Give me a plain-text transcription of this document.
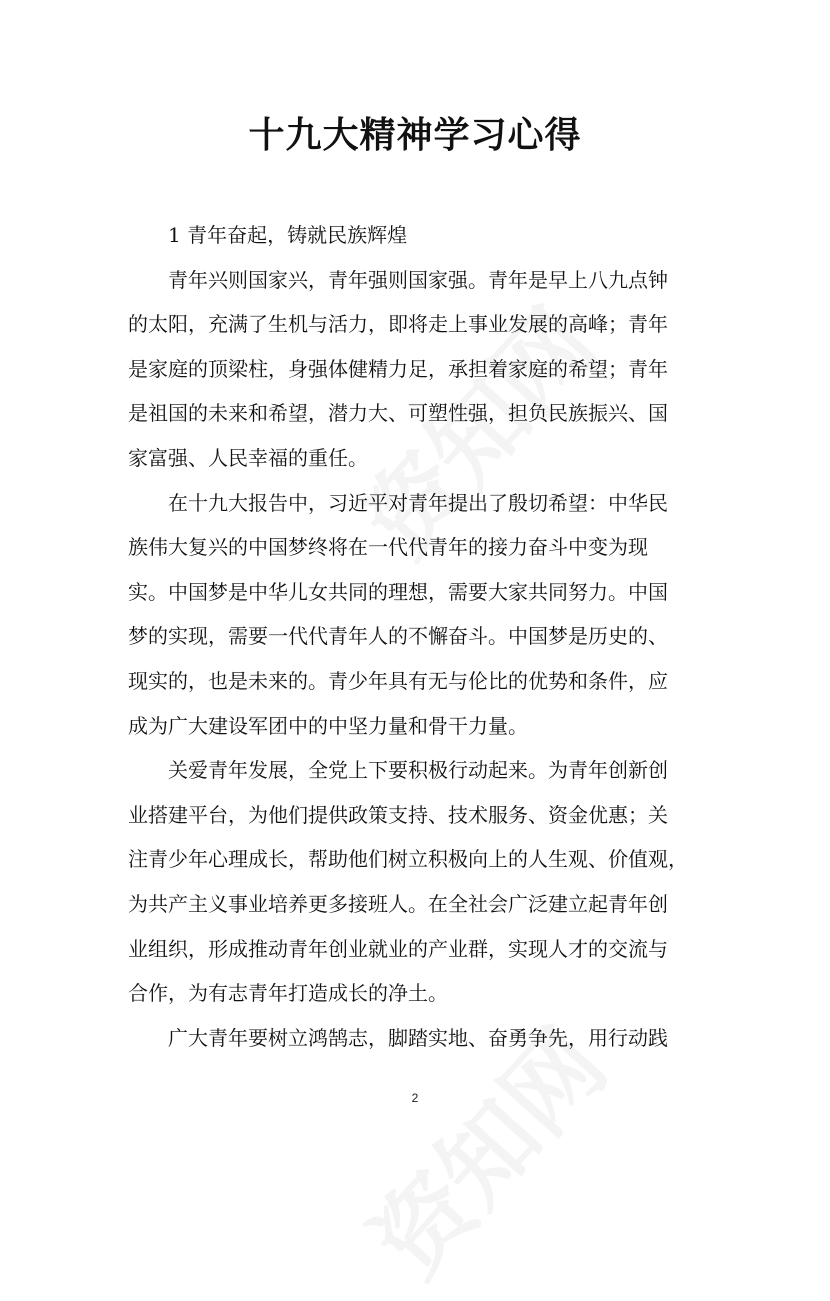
十九大精神学习心得

1 青年奋起，铸就民族辉煌

青年兴则国家兴，青年强则国家强。青年是早上八九点钟
的太阳，充满了生机与活力，即将走上事业发展的高峰；青年
是家庭的顶梁柱，身强体健精力足，承担着家庭的希望；青年
是祖国的未来和希望，潜力大、可塑性强，担负民族振兴、国
家富强、人民幸福的重任。

在十九大报告中，习近平对青年提出了殷切希望：中华民
族伟大复兴的中国梦终将在一代代青年的接力奋斗中变为现
实。中国梦是中华儿女共同的理想，需要大家共同努力。中国
梦的实现，需要一代代青年人的不懈奋斗。中国梦是历史的、
现实的，也是未来的。青少年具有无与伦比的优势和条件，应
成为广大建设军团中的中坚力量和骨干力量。

关爱青年发展，全党上下要积极行动起来。为青年创新创
业搭建平台，为他们提供政策支持、技术服务、资金优惠；关
注青少年心理成长，帮助他们树立积极向上的人生观、价值观，
为共产主义事业培养更多接班人。在全社会广泛建立起青年创
业组织，形成推动青年创业就业的产业群，实现人才的交流与
合作，为有志青年打造成长的净土。

广大青年要树立鸿鹄志，脚踏实地、奋勇争先，用行动践

2
